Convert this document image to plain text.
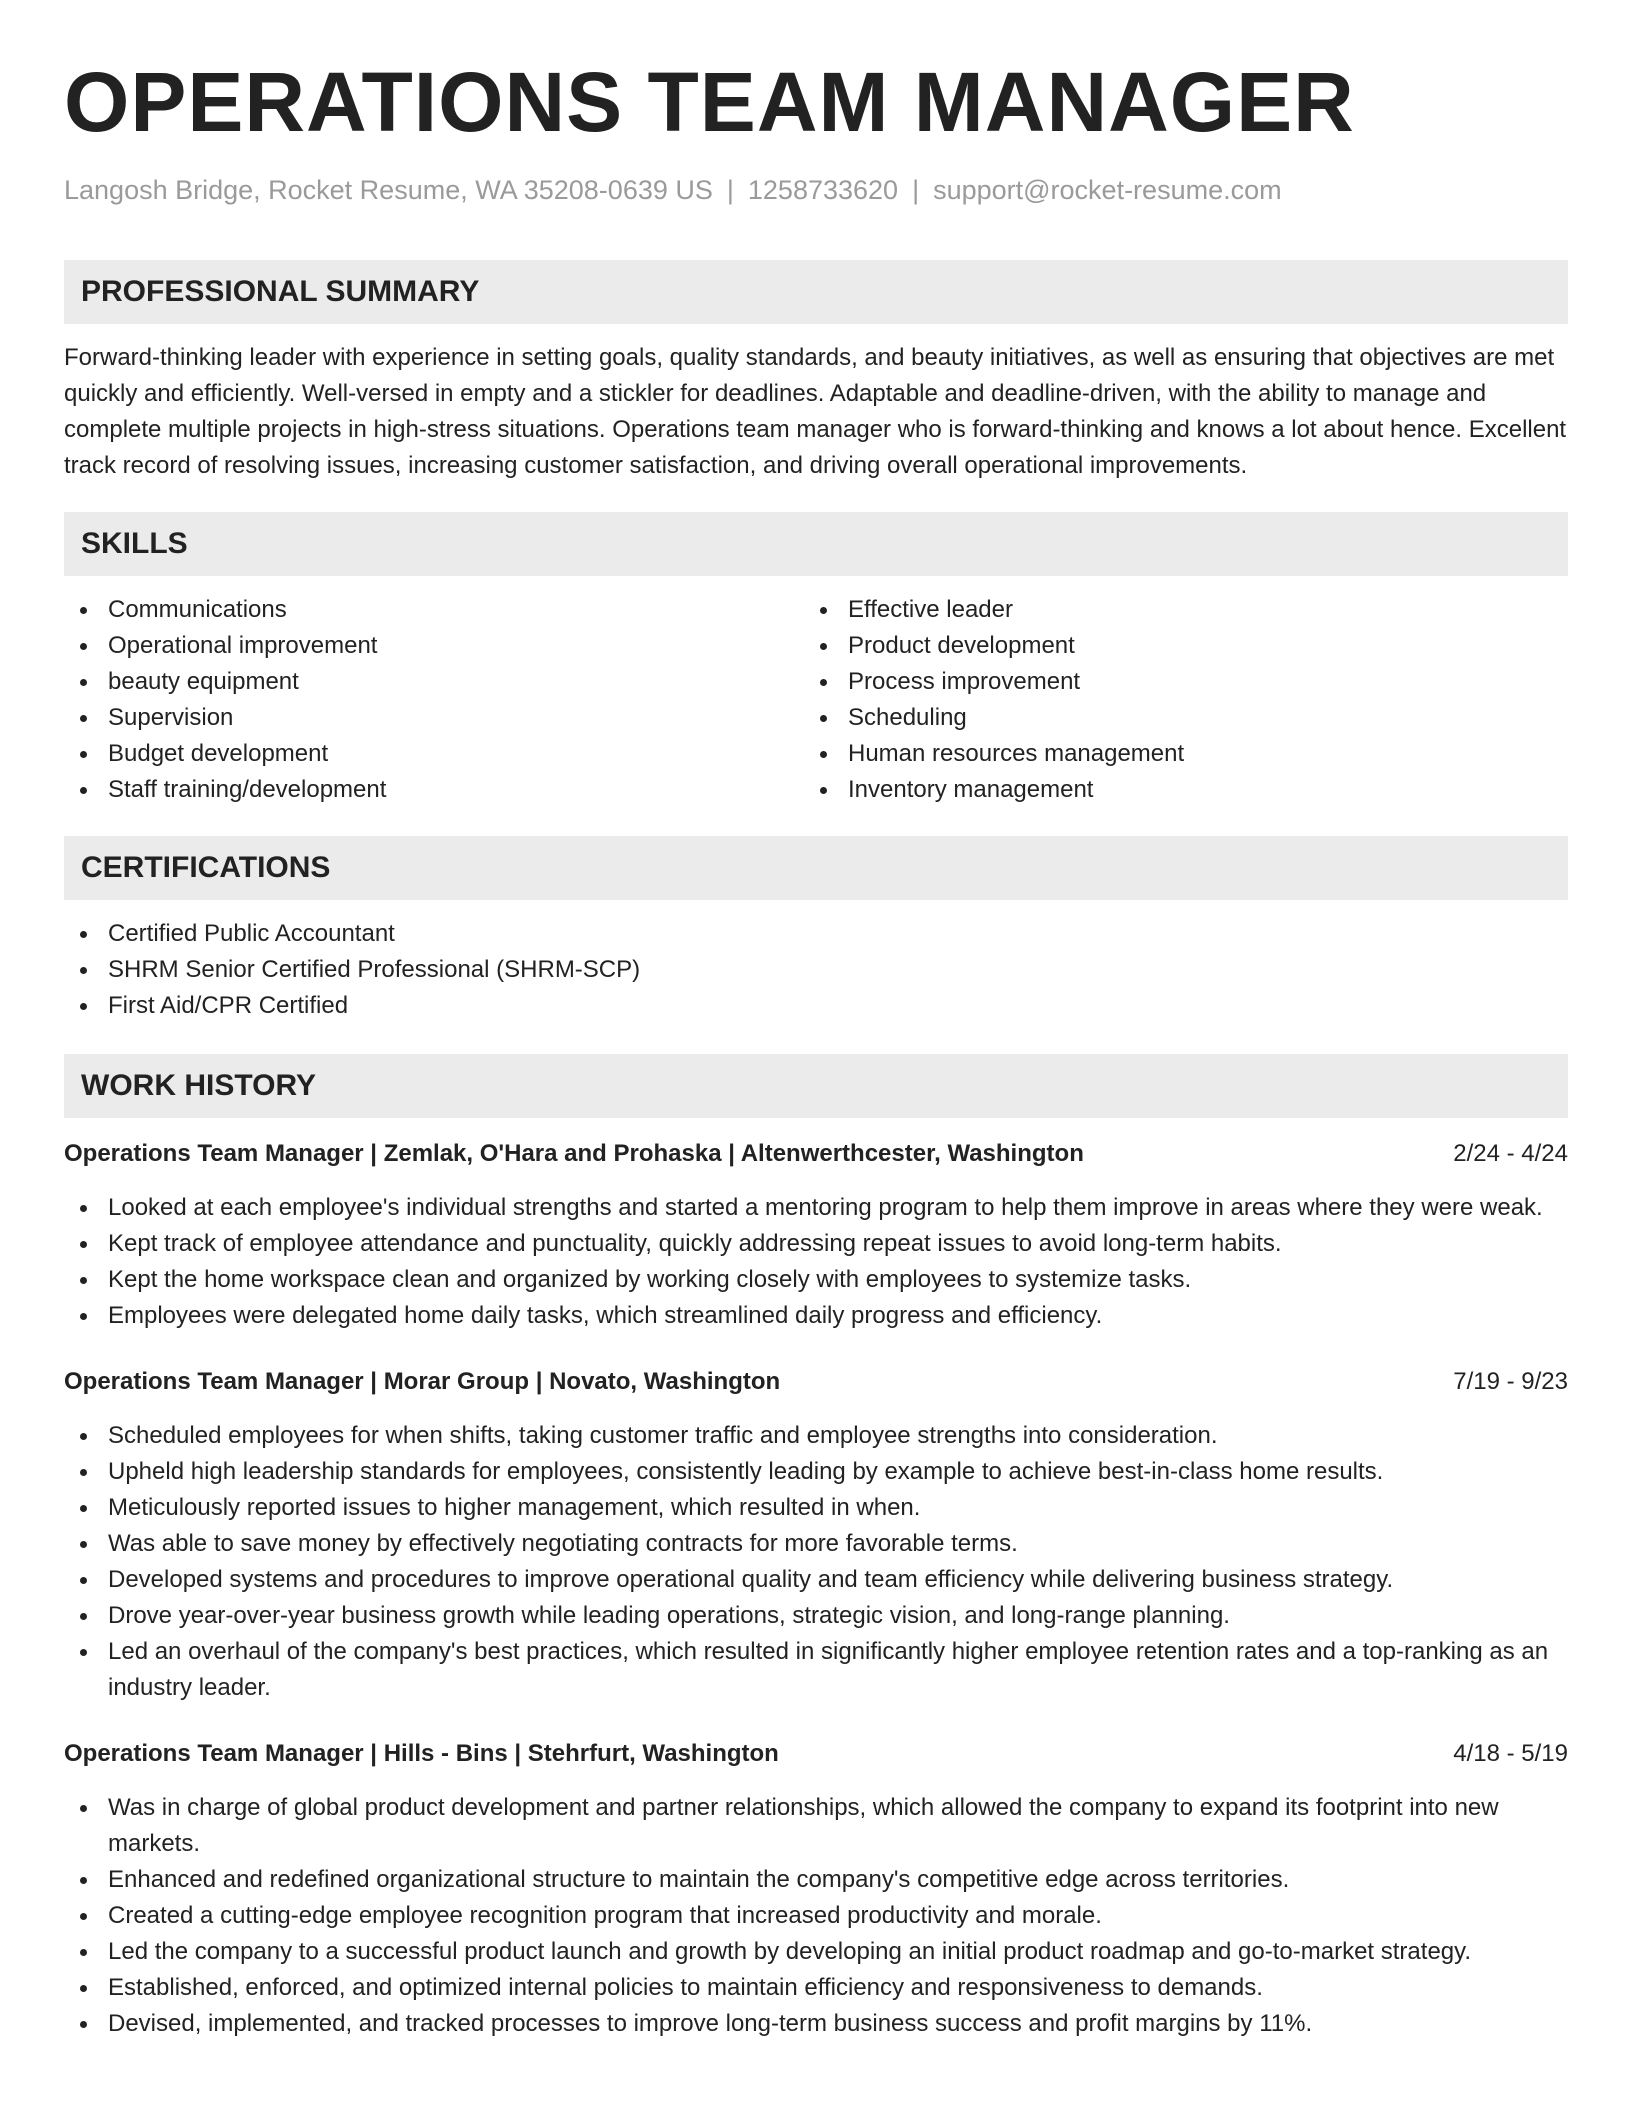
OPERATIONS TEAM MANAGER
Langosh Bridge, Rocket Resume, WA 35208-0639 US | 1258733620 | support@rocket-resume.com
PROFESSIONAL SUMMARY
Forward-thinking leader with experience in setting goals, quality standards, and beauty initiatives, as well as ensuring that objectives are met quickly and efficiently. Well-versed in empty and a stickler for deadlines. Adaptable and deadline-driven, with the ability to manage and complete multiple projects in high-stress situations. Operations team manager who is forward-thinking and knows a lot about hence. Excellent track record of resolving issues, increasing customer satisfaction, and driving overall operational improvements.
SKILLS
Communications
Operational improvement
beauty equipment
Supervision
Budget development
Staff training/development
Effective leader
Product development
Process improvement
Scheduling
Human resources management
Inventory management
CERTIFICATIONS
Certified Public Accountant
SHRM Senior Certified Professional (SHRM-SCP)
First Aid/CPR Certified
WORK HISTORY
Operations Team Manager | Zemlak, O'Hara and Prohaska | Altenwerthcester, Washington	2/24 - 4/24
Looked at each employee's individual strengths and started a mentoring program to help them improve in areas where they were weak.
Kept track of employee attendance and punctuality, quickly addressing repeat issues to avoid long-term habits.
Kept the home workspace clean and organized by working closely with employees to systemize tasks.
Employees were delegated home daily tasks, which streamlined daily progress and efficiency.
Operations Team Manager | Morar Group | Novato, Washington	7/19 - 9/23
Scheduled employees for when shifts, taking customer traffic and employee strengths into consideration.
Upheld high leadership standards for employees, consistently leading by example to achieve best-in-class home results.
Meticulously reported issues to higher management, which resulted in when.
Was able to save money by effectively negotiating contracts for more favorable terms.
Developed systems and procedures to improve operational quality and team efficiency while delivering business strategy.
Drove year-over-year business growth while leading operations, strategic vision, and long-range planning.
Led an overhaul of the company's best practices, which resulted in significantly higher employee retention rates and a top-ranking as an industry leader.
Operations Team Manager | Hills - Bins | Stehrfurt, Washington	4/18 - 5/19
Was in charge of global product development and partner relationships, which allowed the company to expand its footprint into new markets.
Enhanced and redefined organizational structure to maintain the company's competitive edge across territories.
Created a cutting-edge employee recognition program that increased productivity and morale.
Led the company to a successful product launch and growth by developing an initial product roadmap and go-to-market strategy.
Established, enforced, and optimized internal policies to maintain efficiency and responsiveness to demands.
Devised, implemented, and tracked processes to improve long-term business success and profit margins by 11%.
